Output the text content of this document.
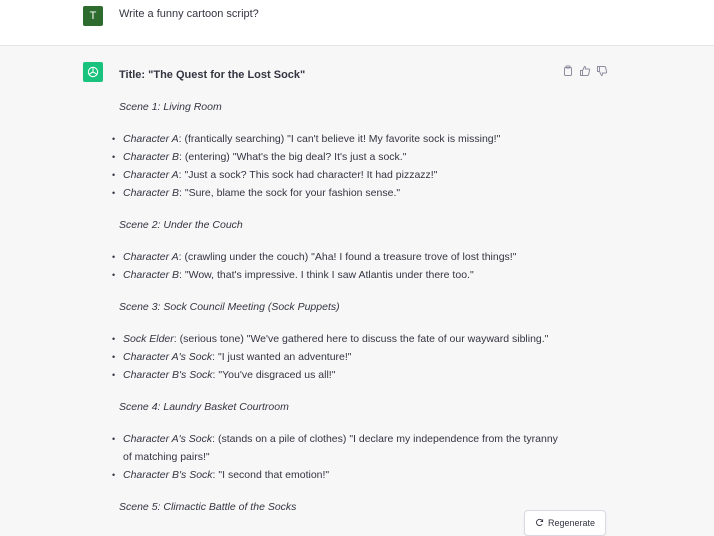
T	Write a funny cartoon script?
Title: "The Quest for the Lost Sock"
Scene 1: Living Room
• Character A: (frantically searching) "I can't believe it! My favorite sock is missing!"
• Character B: (entering) "What's the big deal? It's just a sock."
• Character A: "Just a sock? This sock had character! It had pizzazz!"
• Character B: "Sure, blame the sock for your fashion sense."
Scene 2: Under the Couch
• Character A: (crawling under the couch) "Aha! I found a treasure trove of lost things!"
• Character B: "Wow, that's impressive. I think I saw Atlantis under there too."
Scene 3: Sock Council Meeting (Sock Puppets)
• Sock Elder: (serious tone) "We've gathered here to discuss the fate of our wayward sibling."
• Character A's Sock: "I just wanted an adventure!"
• Character B's Sock: "You've disgraced us all!"
Scene 4: Laundry Basket Courtroom
• Character A's Sock: (stands on a pile of clothes) "I declare my independence from the tyranny of matching pairs!"
• Character B's Sock: "I second that emotion!"
Scene 5: Climactic Battle of the Socks
Regenerate
